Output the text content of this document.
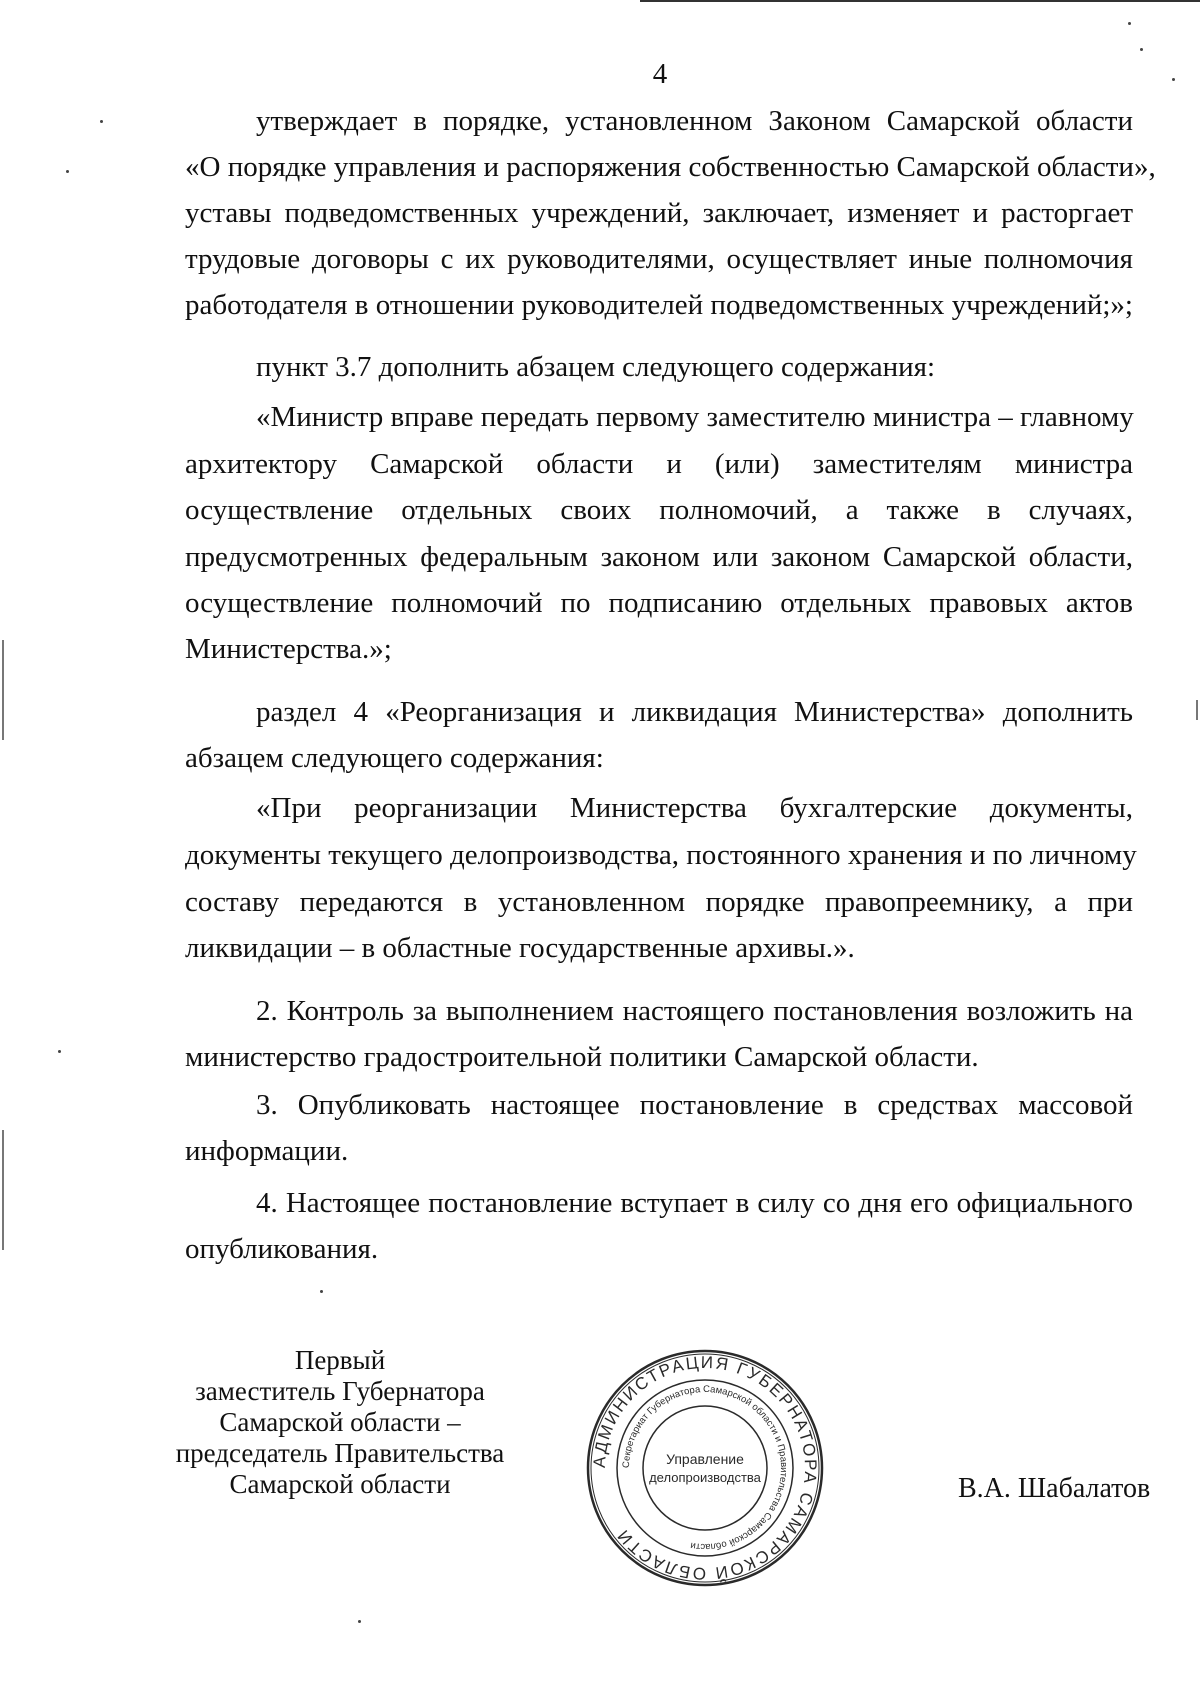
4
утверждает в порядке, установленном Законом Самарской области
«О порядке управления и распоряжения собственностью Самарской области»,
уставы подведомственных учреждений, заключает, изменяет и расторгает
трудовые договоры с их руководителями, осуществляет иные полномочия
работодателя в отношении руководителей подведомственных учреждений;»;
пункт 3.7 дополнить абзацем следующего содержания:
«Министр вправе передать первому заместителю министра – главному
архитектору Самарской области и (или) заместителям министра
осуществление отдельных своих полномочий, а также в случаях,
предусмотренных федеральным законом или законом Самарской области,
осуществление полномочий по подписанию отдельных правовых актов
Министерства.»;
раздел 4 «Реорганизация и ликвидация Министерства» дополнить
абзацем следующего содержания:
«При реорганизации Министерства бухгалтерские документы,
документы текущего делопроизводства, постоянного хранения и по личному
составу передаются в установленном порядке правопреемнику, а при
ликвидации – в областные государственные архивы.».
2. Контроль за выполнением настоящего постановления возложить на
министерство градостроительной политики Самарской области.
3. Опубликовать настоящее постановление в средствах массовой
информации.
4. Настоящее постановление вступает в силу со дня его официального
опубликования.
Первый
заместитель Губернатора
Самарской области –
председатель Правительства
Самарской области
АДМИНИСТРАЦИЯ ГУБЕРНАТОРА САМАРСКОЙ ОБЛАСТИ
Секретариат Губернатора Самарской области и Правительства Самарской области
Управление
делопроизводства	В.А. Шабалатов
